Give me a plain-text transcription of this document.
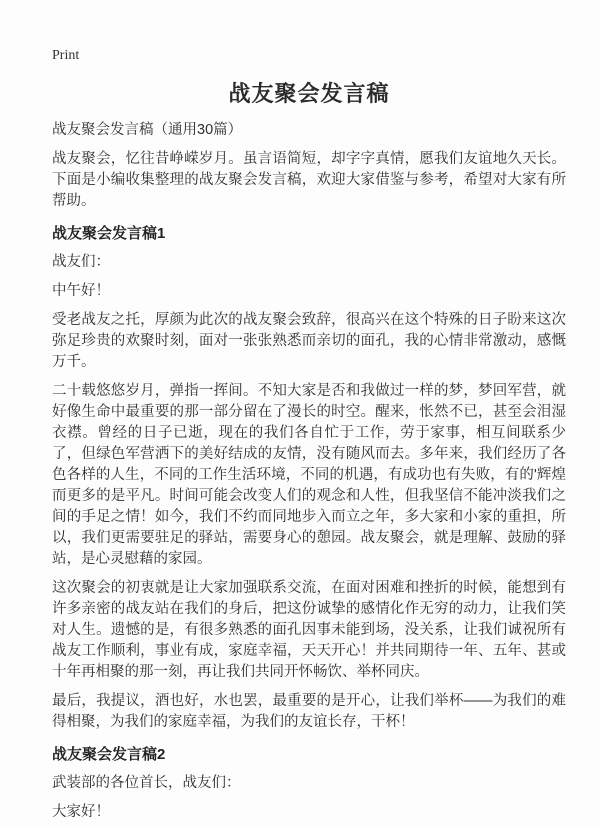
Print
战友聚会发言稿

战友聚会发言稿（通用30篇）

战友聚会，忆往昔峥嵘岁月。虽言语简短，却字字真情，愿我们友谊地久天长。下面是小编收集整理的战友聚会发言稿，欢迎大家借鉴与参考，希望对大家有所帮助。

战友聚会发言稿1

战友们：

中午好！

受老战友之托，厚颜为此次的战友聚会致辞，很高兴在这个特殊的日子盼来这次弥足珍贵的欢聚时刻，面对一张张熟悉而亲切的面孔，我的心情非常激动，感慨万千。

二十载悠悠岁月，弹指一挥间。不知大家是否和我做过一样的梦，梦回军营，就好像生命中最重要的那一部分留在了漫长的时空。醒来，怅然不已，甚至会泪湿衣襟。曾经的日子已逝，现在的我们各自忙于工作，劳于家事，相互间联系少了，但绿色军营洒下的美好结成的友情，没有随风而去。多年来，我们经历了各色各样的人生，不同的工作生活环境，不同的机遇，有成功也有失败，有的'辉煌而更多的是平凡。时间可能会改变人们的观念和人性，但我坚信不能冲淡我们之间的手足之情！如今，我们不约而同地步入而立之年，多大家和小家的重担，所以，我们更需要驻足的驿站，需要身心的憩园。战友聚会，就是理解、鼓励的驿站，是心灵慰藉的家园。

这次聚会的初衷就是让大家加强联系交流，在面对困难和挫折的时候，能想到有许多亲密的战友站在我们的身后，把这份诚挚的感情化作无穷的动力，让我们笑对人生。遗憾的是，有很多熟悉的面孔因事未能到场，没关系，让我们诚祝所有战友工作顺利，事业有成，家庭幸福，天天开心！并共同期待一年、五年、甚或十年再相聚的那一刻，再让我们共同开怀畅饮、举杯同庆。

最后，我提议，酒也好，水也罢，最重要的是开心，让我们举杯——为我们的难得相聚，为我们的家庭幸福，为我们的友谊长存，干杯！

战友聚会发言稿2

武装部的各位首长，战友们：

大家好！
